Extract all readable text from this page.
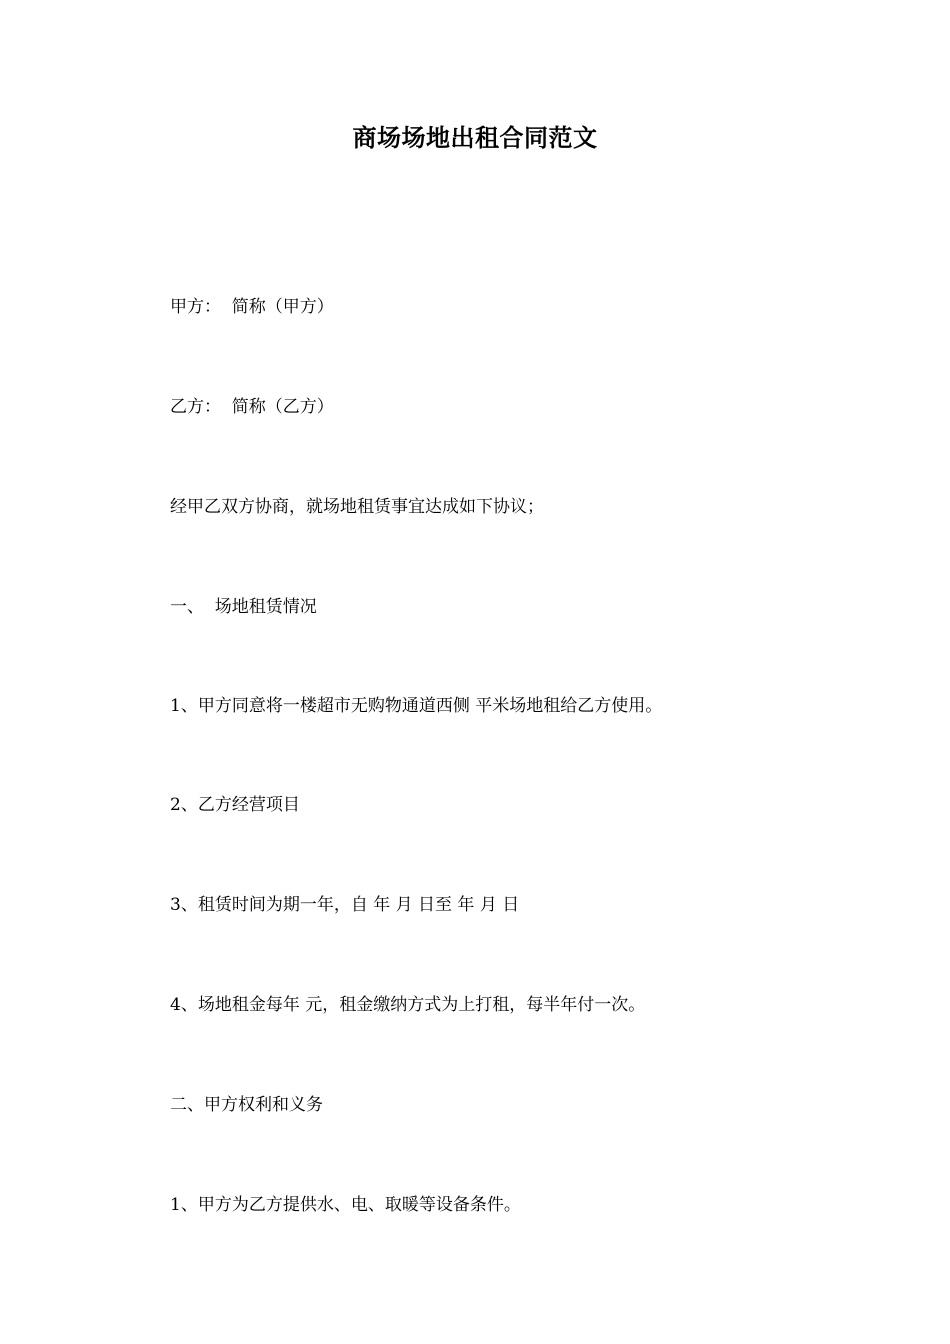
商场场地出租合同范文

甲方：  简称（甲方）

乙方：  简称（乙方）

经甲乙双方协商，就场地租赁事宜达成如下协议；

一、  场地租赁情况

1、甲方同意将一楼超市无购物通道西侧 平米场地租给乙方使用。

2、乙方经营项目

3、租赁时间为期一年，自 年 月 日至 年 月 日

4、场地租金每年 元，租金缴纳方式为上打租，每半年付一次。

二、甲方权利和义务

1、甲方为乙方提供水、电、取暖等设备条件。
